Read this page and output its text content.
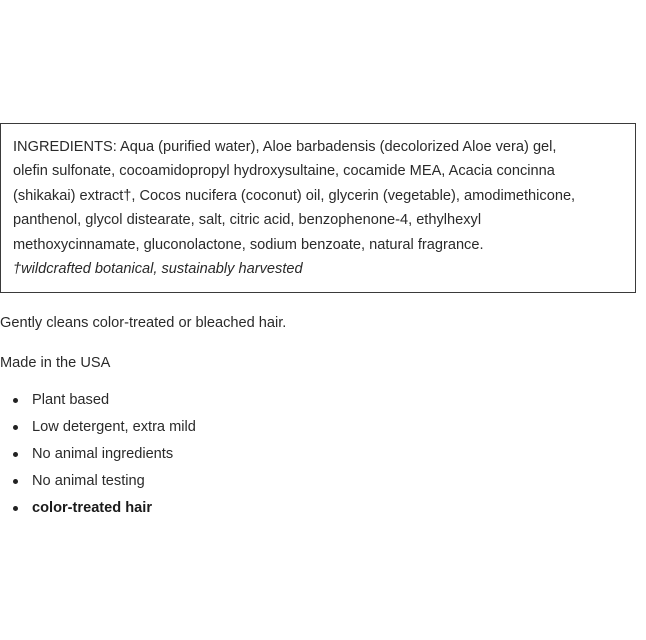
INGREDIENTS: Aqua (purified water), Aloe barbadensis (decolorized Aloe vera) gel,
olefin sulfonate, cocoamidopropyl hydroxysultaine, cocamide MEA, Acacia concinna
(shikakai) extract†, Cocos nucifera (coconut) oil, glycerin (vegetable), amodimethicone,
panthenol, glycol distearate, salt, citric acid, benzophenone-4, ethylhexyl
methoxycinnamate, gluconolactone, sodium benzoate, natural fragrance.
†wildcrafted botanical, sustainably harvested
Gently cleans color-treated or bleached hair.
Made in the USA
Plant based
Low detergent, extra mild
No animal ingredients
No animal testing
color-treated hair
